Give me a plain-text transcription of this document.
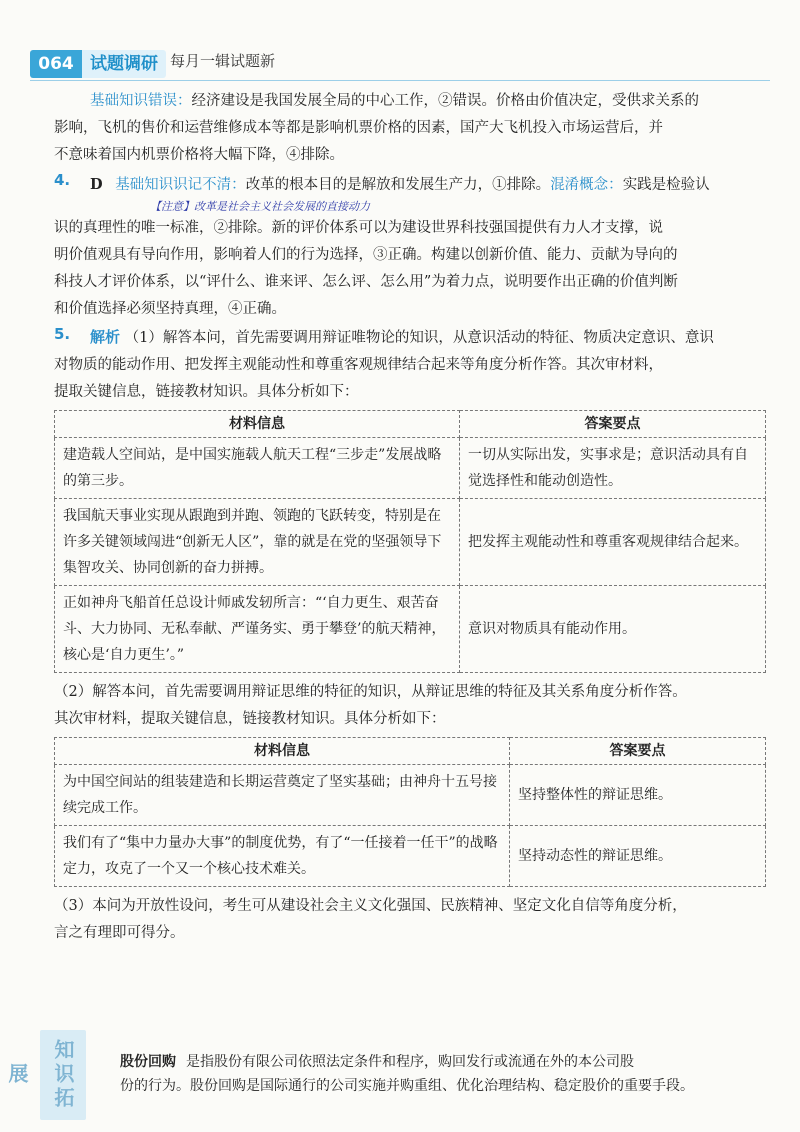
064 试题调研 每月一辑试题新

基础知识错误：经济建设是我国发展全局的中心工作，②错误。价格由价值决定，受供求关系的

影响，飞机的售价和运营维修成本等都是影响机票价格的因素，国产大飞机投入市场运营后，并

不意味着国内机票价格将大幅下降，④排除。

4. D 基础知识识记不清：改革的根本目的是解放和发展生产力，①排除。混淆概念：实践是检验认
【注意】改革是社会主义社会发展的直接动力
识的真理性的唯一标准，②排除。新的评价体系可以为建设世界科技强国提供有力人才支撑，说
明价值观具有导向作用，影响着人们的行为选择，③正确。构建以创新价值、能力、贡献为导向的
科技人才评价体系，以“评什么、谁来评、怎么评、怎么用”为着力点，说明要作出正确的价值判断
和价值选择必须坚持真理，④正确。
5. 解析 （1）解答本问，首先需要调用辩证唯物论的知识，从意识活动的特征、物质决定意识、意识
对物质的能动作用、把发挥主观能动性和尊重客观规律结合起来等角度分析作答。其次审材料，
提取关键信息，链接教材知识。具体分析如下：
材料信息	答案要点
建造载人空间站，是中国实施载人航天工程“三步走”发展战略的第三步。	一切从实际出发，实事求是；意识活动具有自觉选择性和能动创造性。
我国航天事业实现从跟跑到并跑、领跑的飞跃转变，特别是在许多关键领域闯进“创新无人区”，靠的就是在党的坚强领导下集智攻关、协同创新的奋力拼搏。	把发挥主观能动性和尊重客观规律结合起来。
正如神舟飞船首任总设计师戚发轫所言：“‘自力更生、艰苦奋斗、大力协同、无私奉献、严谨务实、勇于攀登’的航天精神，核心是‘自力更生’。”	意识对物质具有能动作用。

（2）解答本问，首先需要调用辩证思维的特征的知识，从辩证思维的特征及其关系角度分析作答。

其次审材料，提取关键信息，链接教材知识。具体分析如下：

材料信息	答案要点
为中国空间站的组装建造和长期运营奠定了坚实基础；由神舟十五号接续完成工作。	坚持整体性的辩证思维。
我们有了“集中力量办大事”的制度优势，有了“一任接着一任干”的战略定力，攻克了一个又一个核心技术难关。	坚持动态性的辩证思维。

（3）本问为开放性设问，考生可从建设社会主义文化强国、民族精神、坚定文化自信等角度分析，

言之有理即可得分。

知识拓展
股份回购 是指股份有限公司依照法定条件和程序，购回发行或流通在外的本公司股
份的行为。股份回购是国际通行的公司实施并购重组、优化治理结构、稳定股价的重要手段。
